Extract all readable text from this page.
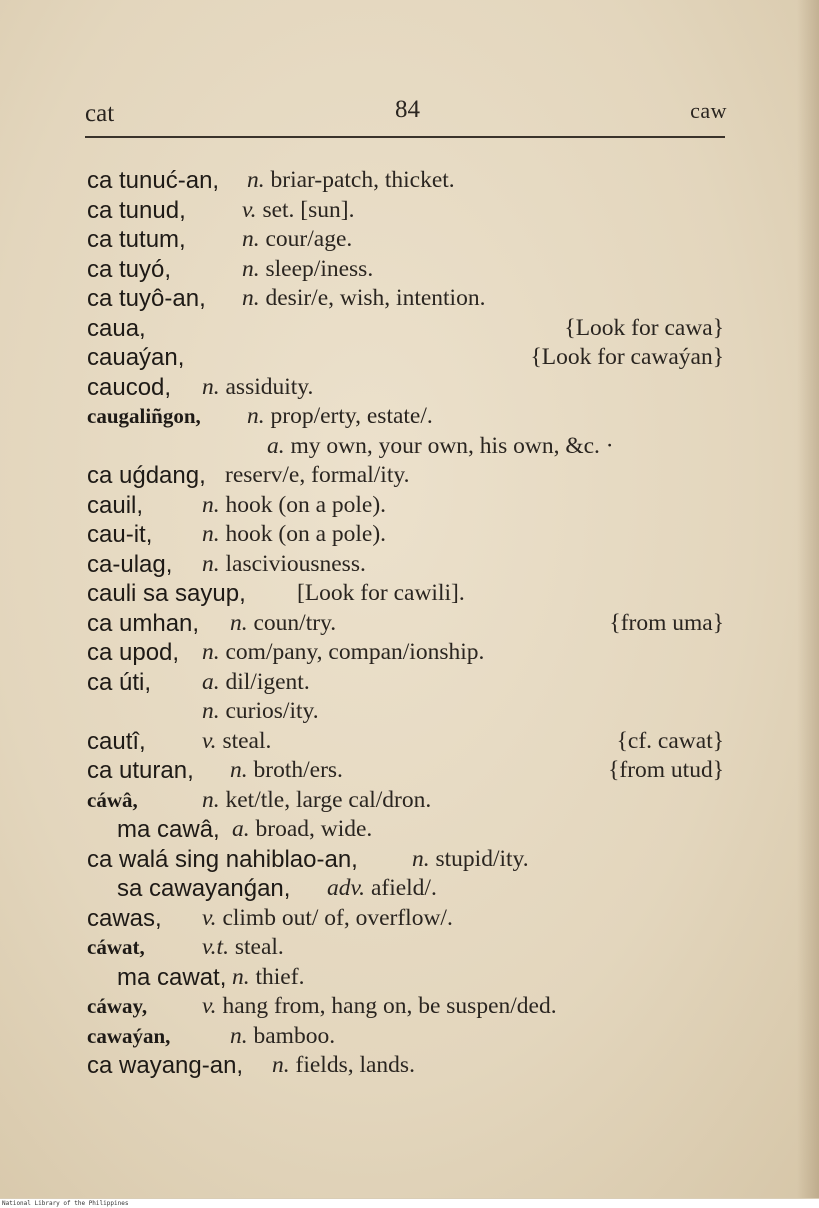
cat	84	caw
ca tunuć-an, n. briar-patch, thicket.
ca tunud, v. set. [sun].
ca tutum, n. cour/age.
ca tuyó,	n. sleep/iness.
ca tuyô-an, n. desir/e, wish, intention.
caua,	{Look for cawa}
cauaýan,	{Look for cawaýan}
caucod, n. assiduity.
caugaliñgon, n. prop/erty, estate/.
a. my own, your own, his own, &c. ·
ca uǵdang, reserv/e, formal/ity.
cauil,	n. hook (on a pole).
cau-it, n. hook (on a pole).
ca-ulag, n. lasciviousness.
cauli sa sayup, [Look for cawili].
ca umhan, n. coun/try.	{from uma}
ca upod, n. com/pany, compan/ionship.
ca úti, a. dil/igent.
n. curios/ity.
cautî, v. steal.	{cf. cawat}
ca uturan, n. broth/ers.	{from utud}
cáwâ,	n. ket/tle, large cal/dron.
ma cawâ, a. broad, wide.
ca walá sing nahiblao-an, n. stupid/ity.
sa cawayanǵan, adv. afield/.
cawas, v. climb out/ of, overflow/.
cáwat, v.t. steal.
ma cawat, n. thief.
cáway, v. hang from, hang on, be suspen/ded.
cawaýan,	n. bamboo.
ca wayang-an, n. fields, lands.
National Library of the Philippines
